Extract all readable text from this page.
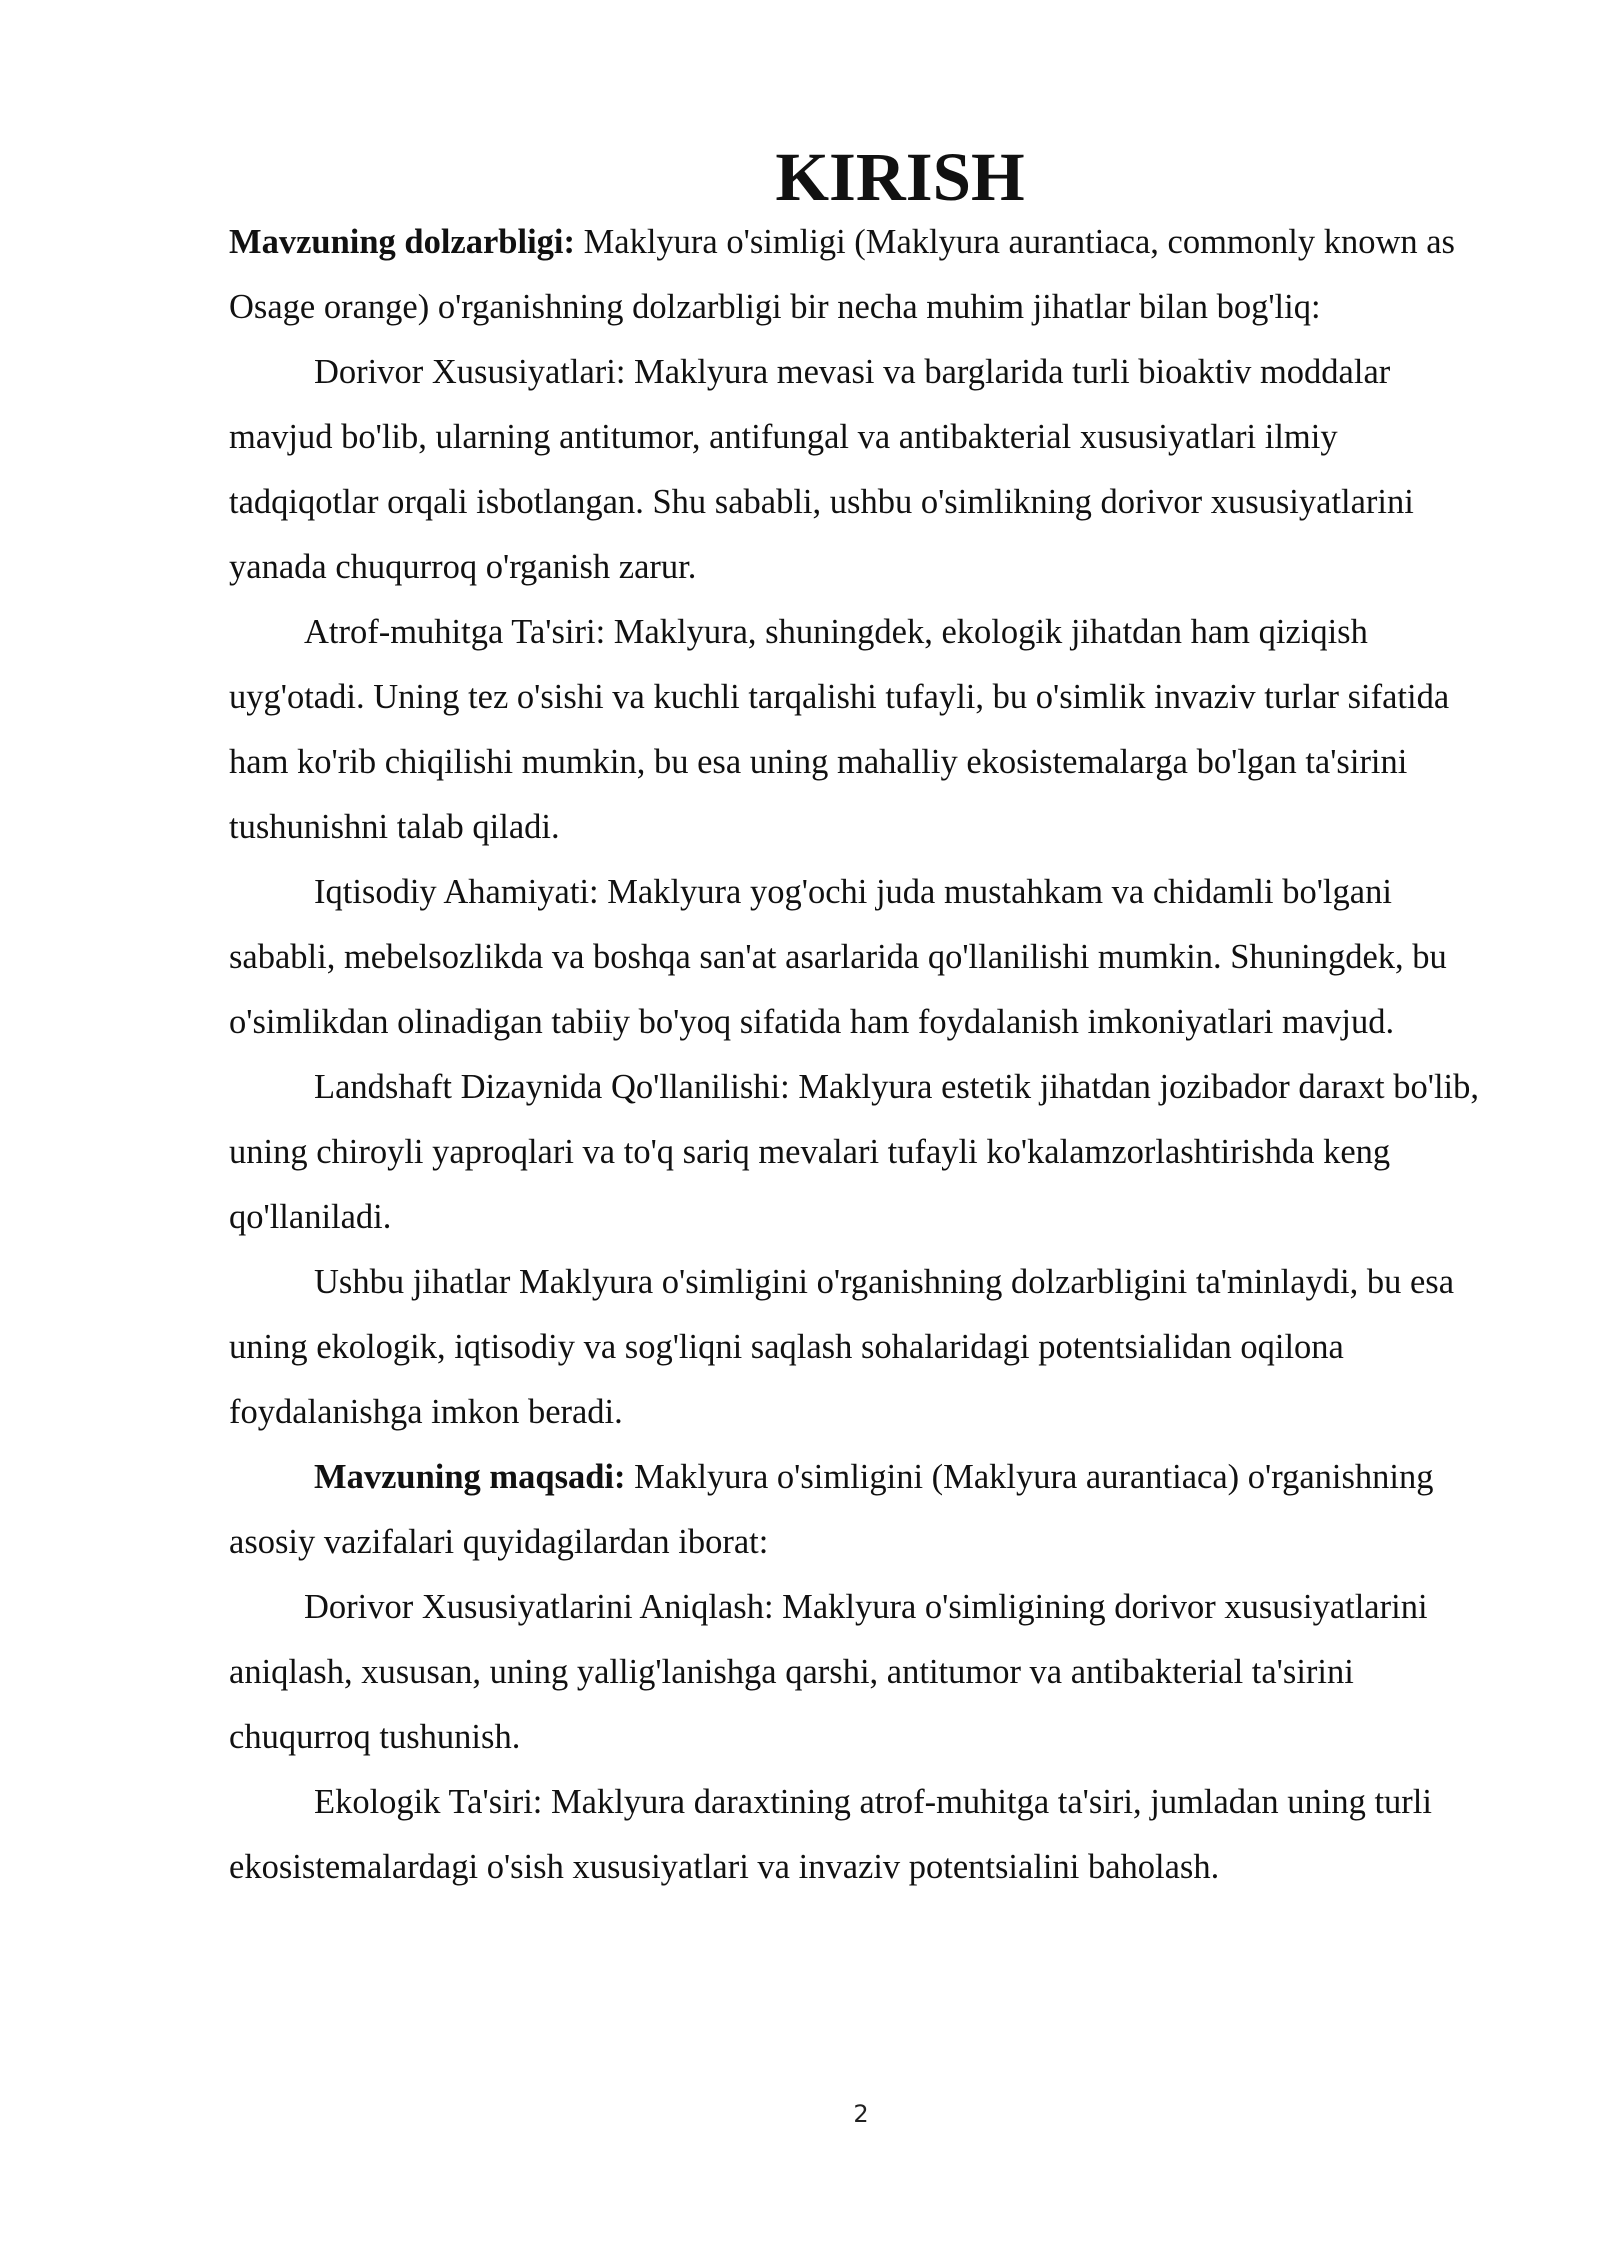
KIRISH

Mavzuning dolzarbligi: Maklyura o'simligi (Maklyura aurantiaca, commonly known as Osage orange) o'rganishning dolzarbligi bir necha muhim jihatlar bilan bog'liq:

Dorivor Xususiyatlari: Maklyura mevasi va barglarida turli bioaktiv moddalar mavjud bo'lib, ularning antitumor, antifungal va antibakterial xususiyatlari ilmiy tadqiqotlar orqali isbotlangan. Shu sababli, ushbu o'simlikning dorivor xususiyatlarini yanada chuqurroq o'rganish zarur.

Atrof-muhitga Ta'siri: Maklyura, shuningdek, ekologik jihatdan ham qiziqish uyg'otadi. Uning tez o'sishi va kuchli tarqalishi tufayli, bu o'simlik invaziv turlar sifatida ham ko'rib chiqilishi mumkin, bu esa uning mahalliy ekosistemalarga bo'lgan ta'sirini tushunishni talab qiladi.

Iqtisodiy Ahamiyati: Maklyura yog'ochi juda mustahkam va chidamli bo'lgani sababli, mebelsozlikda va boshqa san'at asarlarida qo'llanilishi mumkin. Shuningdek, bu o'simlikdan olinadigan tabiiy bo'yoq sifatida ham foydalanish imkoniyatlari mavjud.

Landshaft Dizaynida Qo'llanilishi: Maklyura estetik jihatdan jozibador daraxt bo'lib, uning chiroyli yaproqlari va to'q sariq mevalari tufayli ko'kalamzorlashtirishda keng qo'llaniladi.

Ushbu jihatlar Maklyura o'simligini o'rganishning dolzarbligini ta'minlaydi, bu esa uning ekologik, iqtisodiy va sog'liqni saqlash sohalaridagi potentsialidan oqilona foydalanishga imkon beradi.

Mavzuning maqsadi: Maklyura o'simligini (Maklyura aurantiaca) o'rganishning asosiy vazifalari quyidagilardan iborat:

Dorivor Xususiyatlarini Aniqlash: Maklyura o'simligining dorivor xususiyatlarini aniqlash, xususan, uning yallig'lanishga qarshi, antitumor va antibakterial ta'sirini chuqurroq tushunish.

Ekologik Ta'siri: Maklyura daraxtining atrof-muhitga ta'siri, jumladan uning turli ekosistemalardagi o'sish xususiyatlari va invaziv potentsialini baholash.

2
